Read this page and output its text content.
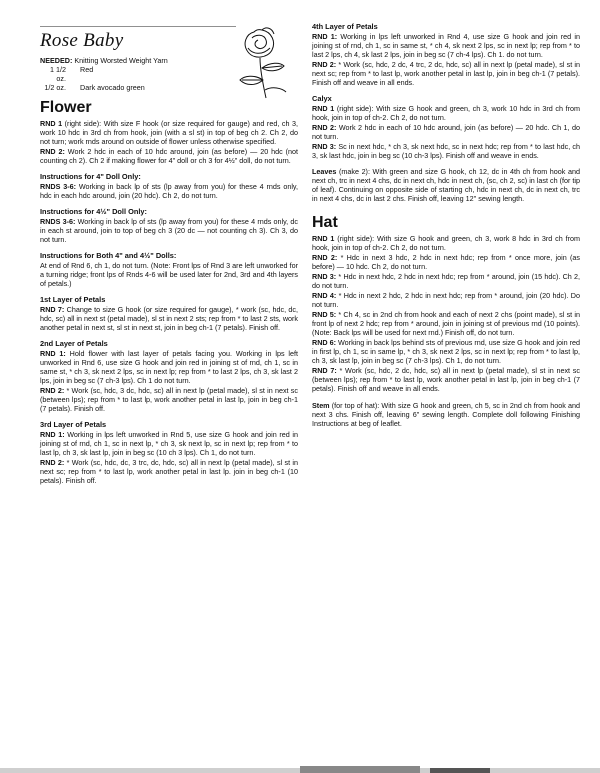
Rose Baby

NEEDED: Knitting Worsted Weight Yarn

1 1/2 oz.
Red
1/2 oz.	Dark avocado green
Flower

RND 1 (right side): With size F hook (or size required for gauge) and red, ch 3, work 10 hdc in 3rd ch from hook, join (with a sl st) in top of beg ch 2. Ch 2, do not turn; work rnds around on outside of flower unless otherwise specified.

RND 2: Work 2 hdc in each of 10 hdc around, join (as before) — 20 hdc (not counting ch 2). Ch 2 if making flower for 4" doll or ch 3 for 4½" doll, do not turn.

Instructions for 4" Doll Only:

RNDS 3-6: Working in back lp of sts (lp away from you) for these 4 rnds only, hdc in each hdc around, join (20 hdc). Ch 2, do not turn.

Instructions for 4½" Doll Only:

RNDS 3-6: Working in back lp of sts (lp away from you) for these 4 rnds only, dc in each st around, join to top of beg ch 3 (20 dc — not counting ch 3). Ch 3, do not turn.

Instructions for Both 4" and 4½" Dolls:

At end of Rnd 6, ch 1, do not turn. (Note: Front lps of Rnd 3 are left unworked for a turning ridge; front lps of Rnds 4-6 will be used later for 2nd, 3rd and 4th layers of petals.)

1st Layer of Petals

RND 7: Change to size G hook (or size required for gauge), * work (sc, hdc, dc, hdc, sc) all in next st (petal made), sl st in next 2 sts; rep from * to last 2 sts, work another petal in next st, sl st in next st, join in beg ch-1 (7 petals). Finish off.

2nd Layer of Petals

RND 1: Hold flower with last layer of petals facing you. Working in lps left unworked in Rnd 6, use size G hook and join red in joining st of rnd, ch 1, sc in same st, * ch 3, sk next 2 lps, sc in next lp; rep from * to last 2 lps, ch 3, sk last 2 lps, join in beg sc (7 ch-3 lps). Ch 1 do not turn.

RND 2: * Work (sc, hdc, 3 dc, hdc, sc) all in next lp (petal made), sl st in next sc (between lps); rep from * to last lp, work another petal in last lp, join in beg ch-1 (7 petals). Finish off.

3rd Layer of Petals

RND 1: Working in lps left unworked in Rnd 5, use size G hook and join red in joining st of rnd, ch 1, sc in next lp, * ch 3, sk next lp, sc in next lp; rep from * to last lp, ch 3, sk last lp, join in beg sc (10 ch 3 lps). Ch 1, do not turn.

RND 2: * Work (sc, hdc, dc, 3 trc, dc, hdc, sc) all in next lp (petal made), sl st in next sc; rep from * to last lp, work another petal in last lp. join in beg ch-1 (10 petals). Finish off.

4th Layer of Petals

RND 1: Working in lps left unworked in Rnd 4, use size G hook and join red in joining st of rnd, ch 1, sc in same st, * ch 4, sk next 2 lps, sc in next lp; rep from * to last 2 lps, ch 4, sk last 2 lps, join in beg sc (7 ch-4 lps). Ch 1. do not turn.

RND 2: * Work (sc, hdc, 2 dc, 4 trc, 2 dc, hdc, sc) all in next lp (petal made), sl st in next sc; rep from * to last lp, work another petal in last lp, join in beg ch-1 (7 petals). Finish off and weave in all ends.

Calyx

RND 1 (right side): With size G hook and green, ch 3, work 10 hdc in 3rd ch from hook, join in top of ch-2. Ch 2, do not turn.

RND 2: Work 2 hdc in each of 10 hdc around, join (as before) — 20 hdc. Ch 1, do not turn.

RND 3: Sc in next hdc, * ch 3, sk next hdc, sc in next hdc; rep from * to last hdc, ch 3, sk last hdc, join in beg sc (10 ch-3 lps). Finish off and weave in ends.

Leaves (make 2): With green and size G hook, ch 12, dc in 4th ch from hook and next ch, trc in next 4 chs, dc in next ch, hdc in next ch, (sc, ch 2, sc) in last ch (for tip of leaf). Continuing on opposite side of starting ch, hdc in next ch, dc in next ch, trc in next 4 chs, dc in last 2 chs. Finish off, leaving 12" sewing length.

Hat

RND 1 (right side): With size G hook and green, ch 3, work 8 hdc in 3rd ch from hook, join in top of ch-2. Ch 2, do not turn.

RND 2: * Hdc in next 3 hdc, 2 hdc in next hdc; rep from * once more, join (as before) — 10 hdc. Ch 2, do not turn.

RND 3: * Hdc in next hdc, 2 hdc in next hdc; rep from * around, join (15 hdc). Ch 2, do not turn.

RND 4: * Hdc in next 2 hdc, 2 hdc in next hdc; rep from * around, join (20 hdc). Do not turn.

RND 5: * Ch 4, sc in 2nd ch from hook and each of next 2 chs (point made), sl st in front lp of next 2 hdc; rep from * around, join in joining st of previous rnd (10 points). (Note: Back lps will be used for next rnd.) Finish off, do not turn.

RND 6: Working in back lps behind sts of previous rnd, use size G hook and join red in first lp, ch 1, sc in same lp, * ch 3, sk next 2 lps, sc in next lp; rep from * to last lp, ch 3, sk last lp, join in beg sc (7 ch-3 lps). Ch 1, do not turn.

RND 7: * Work (sc, hdc, 2 dc, hdc, sc) all in next lp (petal made), sl st in next sc (between lps); rep from * to last lp, work another petal in last lp, join in beg ch-1 (7 petals). Finish off and weave in all ends.

Stem (for top of hat): With size G hook and green, ch 5, sc in 2nd ch from hook and next 3 chs. Finish off, leaving 6" sewing length. Complete doll following Finishing Instructions at beg of leaflet.
